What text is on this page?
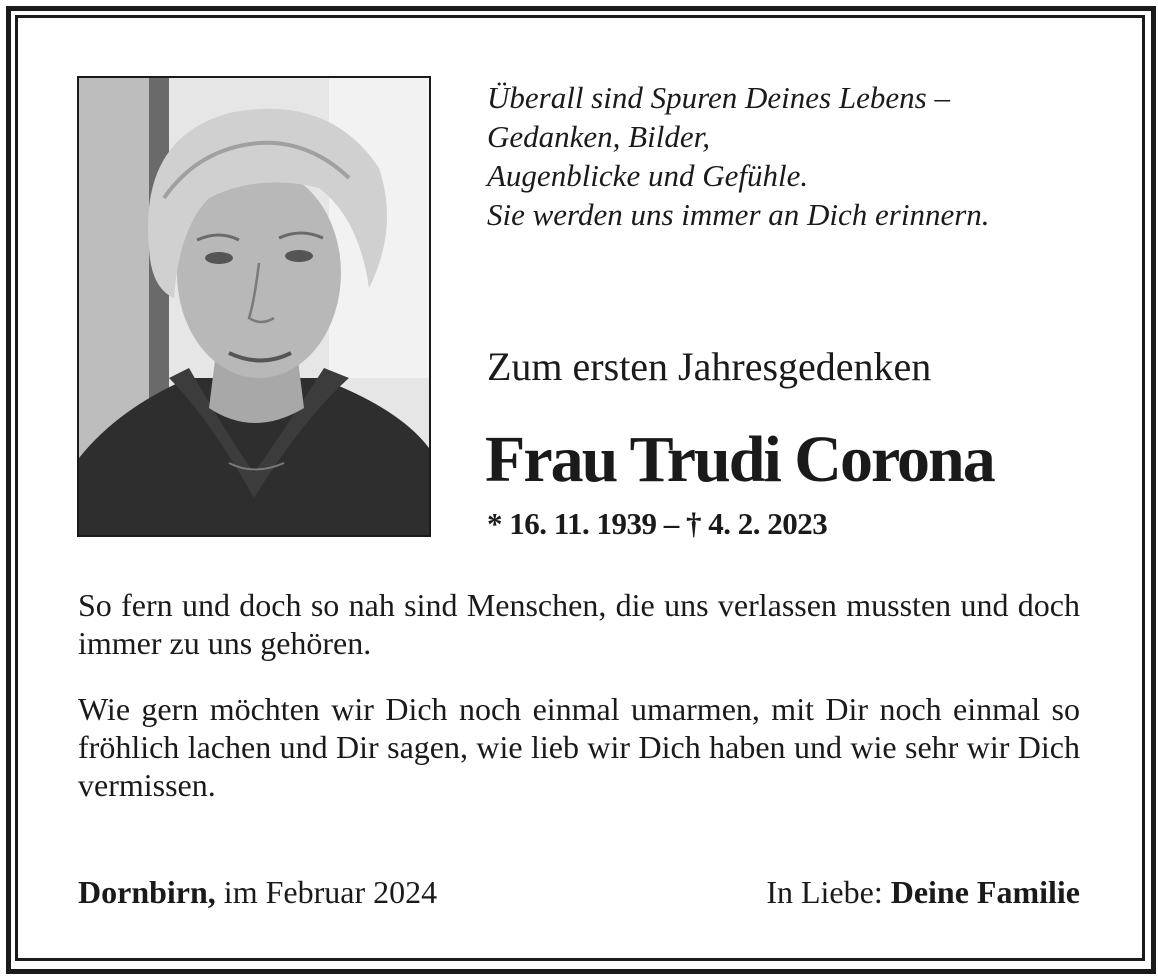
Überall sind Spuren Deines Lebens –
Gedanken, Bilder,
Augenblicke und Gefühle.
Sie werden uns immer an Dich erinnern.
Zum ersten Jahresgedenken
Frau Trudi Corona
* 16. 11. 1939 – † 4. 2. 2023
So fern und doch so nah sind Menschen, die uns verlassen mussten und doch immer zu uns gehören.
Wie gern möchten wir Dich noch einmal umarmen, mit Dir noch einmal so fröhlich lachen und Dir sagen, wie lieb wir Dich haben und wie sehr wir Dich vermissen.
Dornbirn, im Februar 2024	In Liebe: Deine Familie
